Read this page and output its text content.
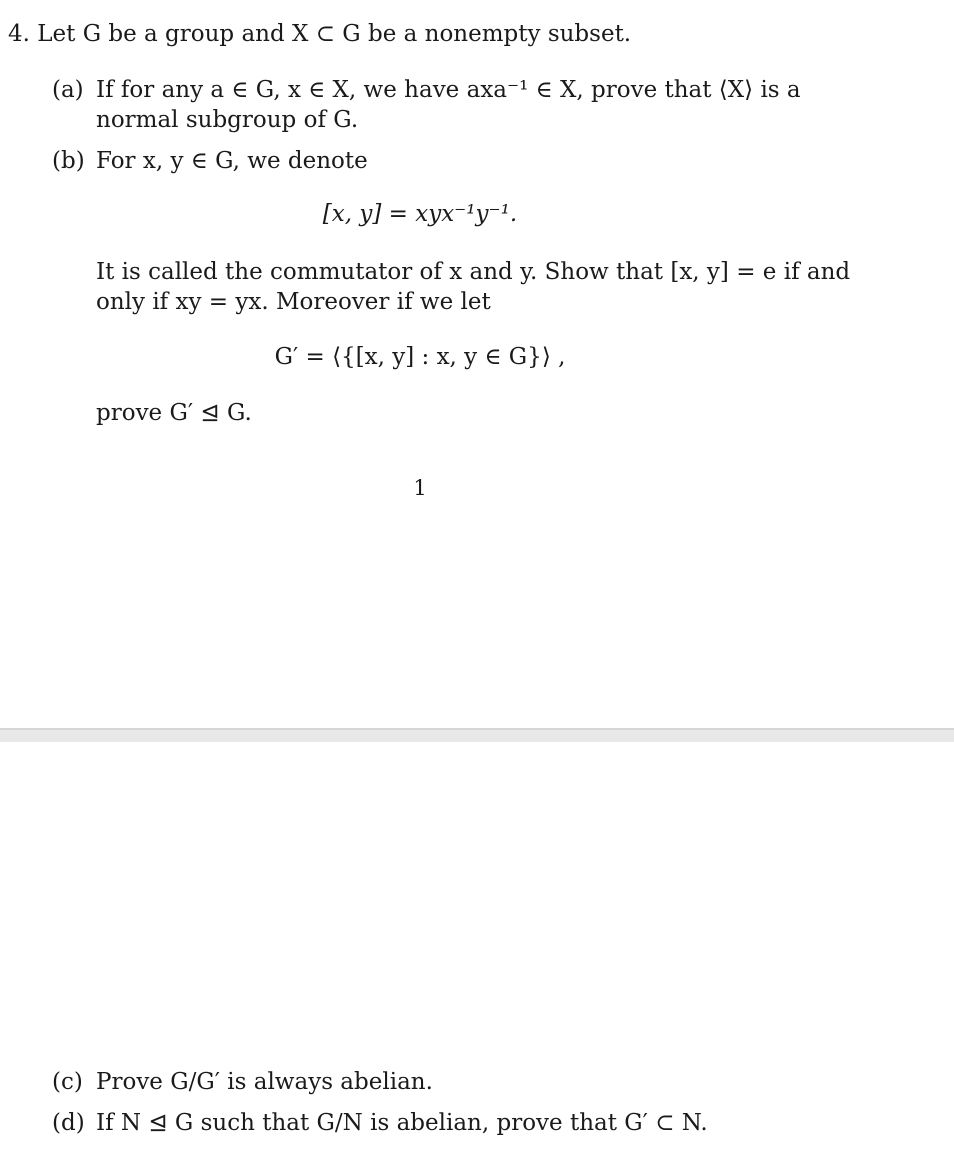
4. Let G be a group and X ⊂ G be a nonempty subset.
(a) If for any a ∈ G, x ∈ X, we have axa⁻¹ ∈ X, prove that ⟨X⟩ is a
normal subgroup of G.
(b) For x, y ∈ G, we denote
[x, y] = xyx⁻¹y⁻¹.
It is called the commutator of x and y. Show that [x, y] = e if and
only if xy = yx. Moreover if we let
G′ = ⟨{[x, y] : x, y ∈ G}⟩ ,
prove G′ ⊴ G.
1
(c) Prove G/G′ is always abelian.
(d) If N ⊴ G such that G/N is abelian, prove that G′ ⊂ N.
